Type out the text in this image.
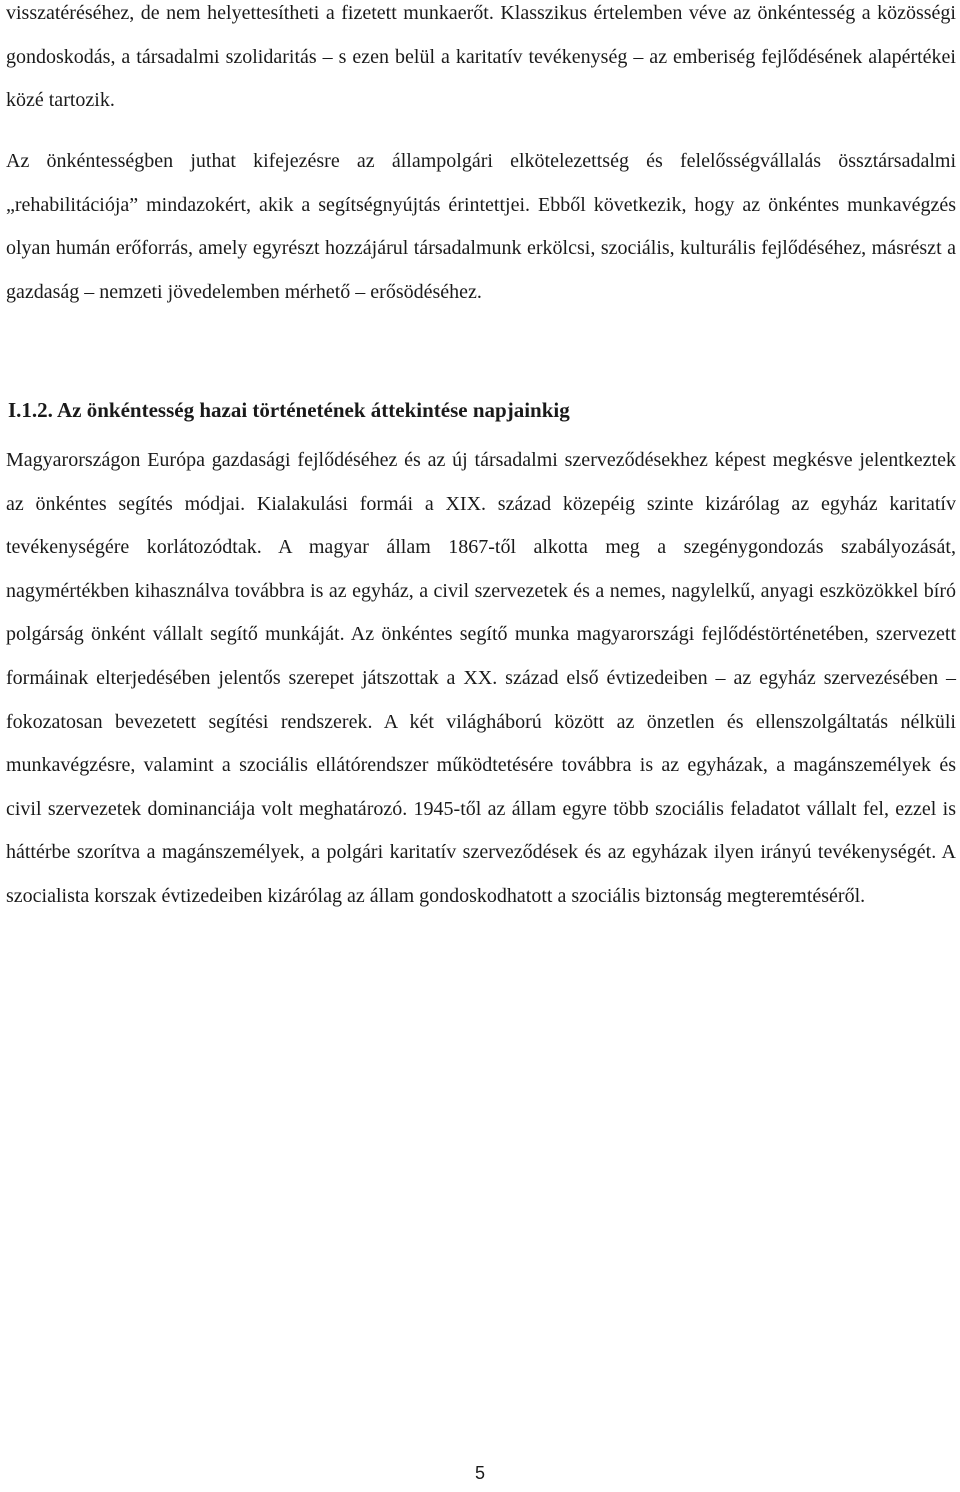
visszatéréséhez, de nem helyettesítheti a fizetett munkaerőt. Klasszikus értelemben véve az önkéntesség a közösségi gondoskodás, a társadalmi szolidaritás – s ezen belül a karitatív tevékenység – az emberiség fejlődésének alapértékei közé tartozik.

Az önkéntességben juthat kifejezésre az állampolgári elkötelezettség és felelősségvállalás össztársadalmi „rehabilitációja” mindazokért, akik a segítségnyújtás érintettjei. Ebből következik, hogy az önkéntes munkavégzés olyan humán erőforrás, amely egyrészt hozzájárul társadalmunk erkölcsi, szociális, kulturális fejlődéséhez, másrészt a gazdaság – nemzeti jövedelemben mérhető – erősödéséhez.

I.1.2. Az önkéntesség hazai történetének áttekintése napjainkig

Magyarországon Európa gazdasági fejlődéséhez és az új társadalmi szerveződésekhez képest megkésve jelentkeztek az önkéntes segítés módjai. Kialakulási formái a XIX. század közepéig szinte kizárólag az egyház karitatív tevékenységére korlátozódtak. A magyar állam 1867-től alkotta meg a szegénygondozás szabályozását, nagymértékben kihasználva továbbra is az egyház, a civil szervezetek és a nemes, nagylelkű, anyagi eszközökkel bíró polgárság önként vállalt segítő munkáját. Az önkéntes segítő munka magyarországi fejlődéstörténetében, szervezett formáinak elterjedésében jelentős szerepet játszottak a XX. század első évtizedeiben – az egyház szervezésében – fokozatosan bevezetett segítési rendszerek. A két világháború között az önzetlen és ellenszolgáltatás nélküli munkavégzésre, valamint a szociális ellátórendszer működtetésére továbbra is az egyházak, a magánszemélyek és civil szervezetek dominanciája volt meghatározó. 1945-től az állam egyre több szociális feladatot vállalt fel, ezzel is háttérbe szorítva a magánszemélyek, a polgári karitatív szerveződések és az egyházak ilyen irányú tevékenységét. A szocialista korszak évtizedeiben kizárólag az állam gondoskodhatott a szociális biztonság megteremtéséről.

5
